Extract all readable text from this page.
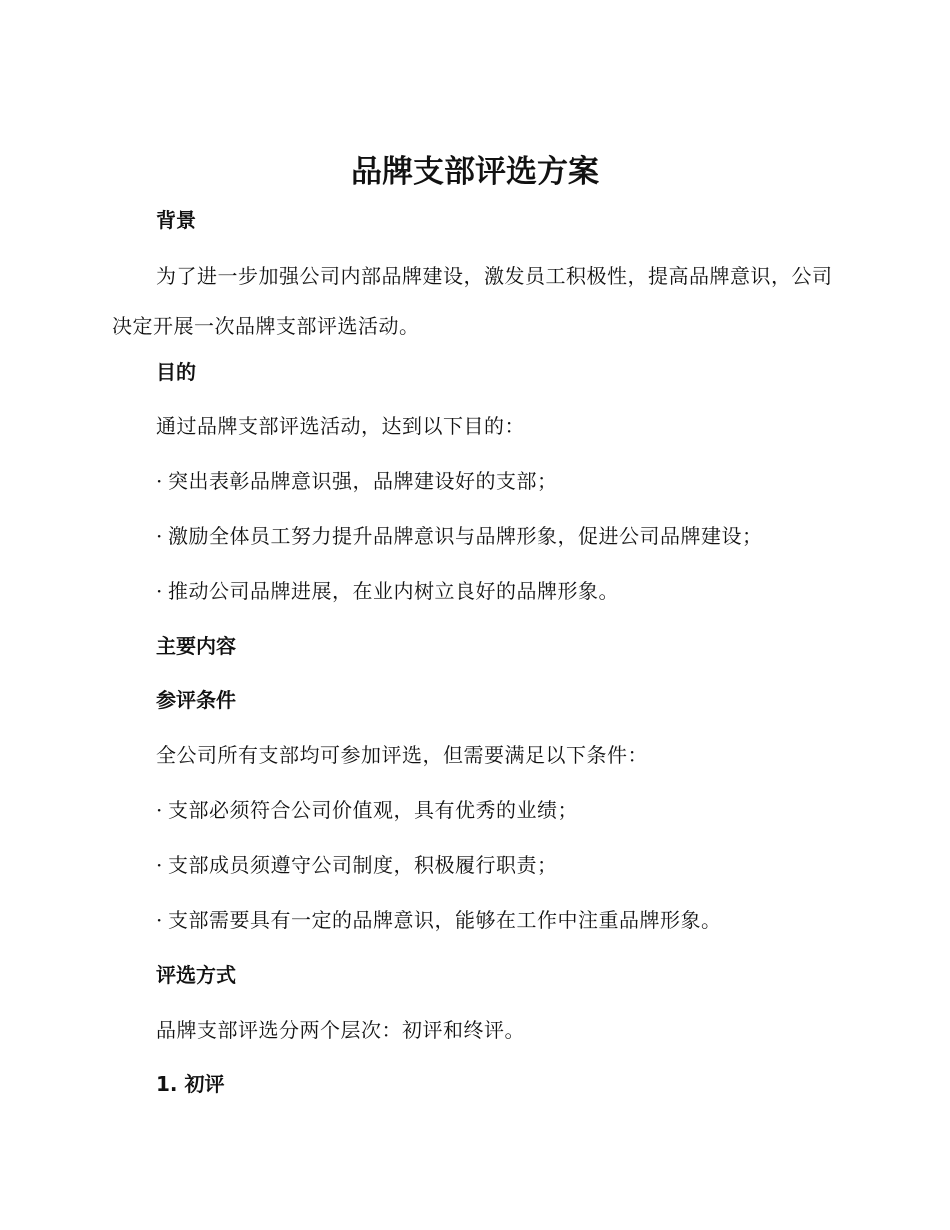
品牌支部评选方案
背景

为了进一步加强公司内部品牌建设，激发员工积极性，提高品牌意识，公司决定开展一次品牌支部评选活动。

目的

通过品牌支部评选活动，达到以下目的：

· 突出表彰品牌意识强，品牌建设好的支部；

· 激励全体员工努力提升品牌意识与品牌形象，促进公司品牌建设；

· 推动公司品牌进展，在业内树立良好的品牌形象。

主要内容
参评条件

全公司所有支部均可参加评选，但需要满足以下条件：

· 支部必须符合公司价值观，具有优秀的业绩；

· 支部成员须遵守公司制度，积极履行职责；

· 支部需要具有一定的品牌意识，能够在工作中注重品牌形象。

评选方式

品牌支部评选分两个层次：初评和终评。

1. 初评
